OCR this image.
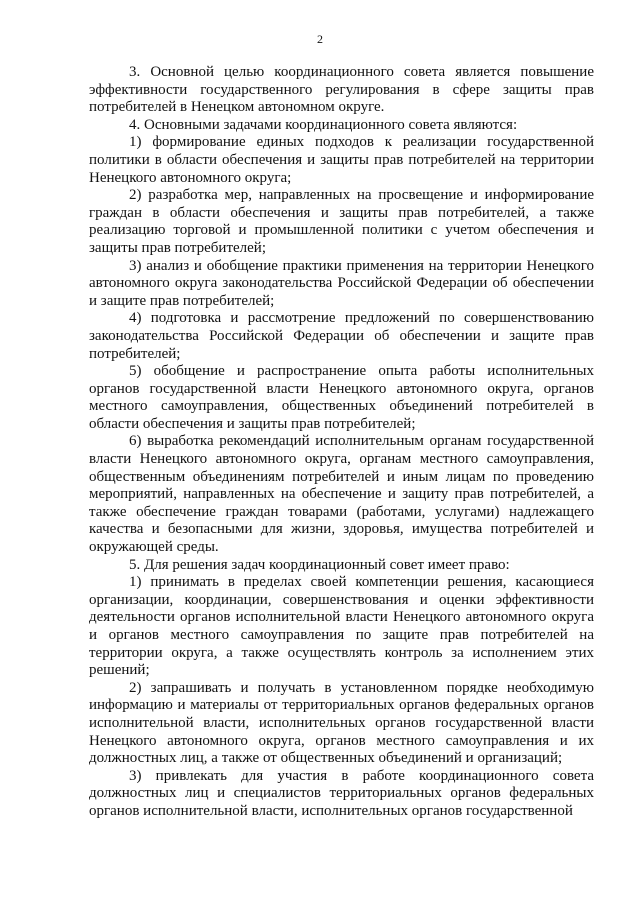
2

3. Основной целью координационного совета является повышение эффективности государственного регулирования в сфере защиты прав потребителей в Ненецком автономном округе.

4. Основными задачами координационного совета являются:

1) формирование единых подходов к реализации государственной политики в области обеспечения и защиты прав потребителей на территории Ненецкого автономного округа;

2) разработка мер, направленных на просвещение и информирование граждан в области обеспечения и защиты прав потребителей, а также реализацию торговой и промышленной политики с учетом обеспечения и защиты прав потребителей;

3) анализ и обобщение практики применения на территории Ненецкого автономного округа законодательства Российской Федерации об обеспечении и защите прав потребителей;

4) подготовка и рассмотрение предложений по совершенствованию законодательства Российской Федерации об обеспечении и защите прав потребителей;

5) обобщение и распространение опыта работы исполнительных органов государственной власти Ненецкого автономного округа, органов местного самоуправления, общественных объединений потребителей в области обеспечения и защиты прав потребителей;

6) выработка рекомендаций исполнительным органам государственной власти Ненецкого автономного округа, органам местного самоуправления, общественным объединениям потребителей и иным лицам по проведению мероприятий, направленных на обеспечение и защиту прав потребителей, а также обеспечение граждан товарами (работами, услугами) надлежащего качества и безопасными для жизни, здоровья, имущества потребителей и окружающей среды.

5. Для решения задач координационный совет имеет право:

1) принимать в пределах своей компетенции решения, касающиеся организации, координации, совершенствования и оценки эффективности деятельности органов исполнительной власти Ненецкого автономного округа и органов местного самоуправления по защите прав потребителей на территории округа, а также осуществлять контроль за исполнением этих решений;

2) запрашивать и получать в установленном порядке необходимую информацию и материалы от территориальных органов федеральных органов исполнительной власти, исполнительных органов государственной власти Ненецкого автономного округа, органов местного самоуправления и их должностных лиц, а также от общественных объединений и организаций;

3) привлекать для участия в работе координационного совета должностных лиц и специалистов территориальных органов федеральных органов исполнительной власти, исполнительных органов государственной
